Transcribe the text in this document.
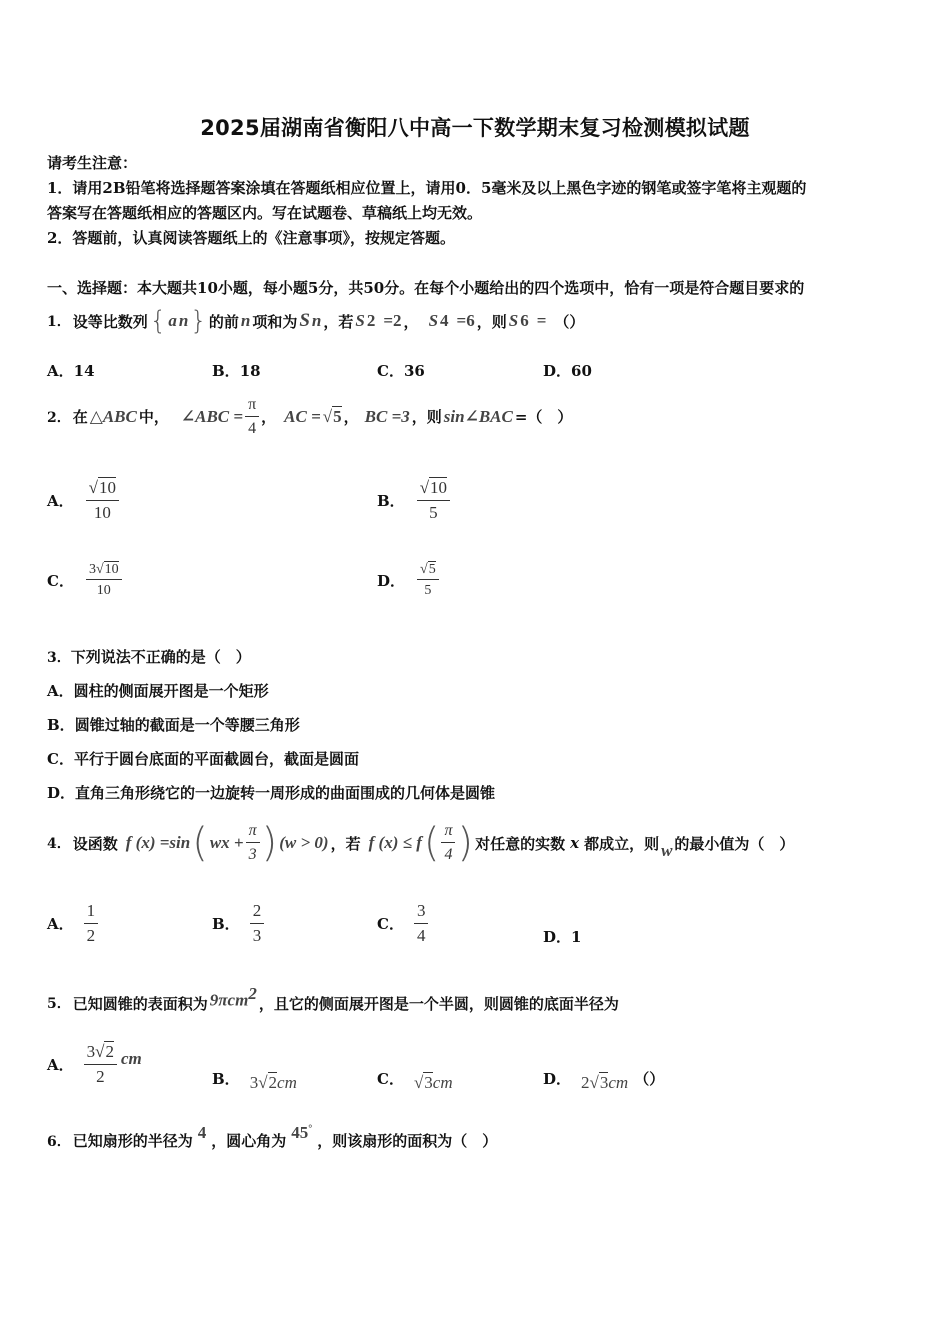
2025届湖南省衡阳八中高一下数学期末复习检测模拟试题
请考生注意：
1．请用2B铅笔将选择题答案涂填在答题纸相应位置上，请用0．5毫米及以上黑色字迹的钢笔或签字笔将主观题的
答案写在答题纸相应的答题区内。写在试题卷、草稿纸上均无效。
2．答题前，认真阅读答题纸上的《注意事项》，按规定答题。
一、选择题：本大题共10小题，每小题5分，共50分。在每个小题给出的四个选项中，恰有一项是符合题目要求的
1． 设等比数列 { a n } 的前 n 项和为 S n ，若 S 2 =2 ， S 4 =6 ，则 S 6 = （）
A．14	B．18	C．36	D．60
2． 在 △ABC 中， ∠ABC = $\frac{\pi}{4}$ ， AC = √5 ， BC =3 ，则 sin∠BAC =（　）
A． $\frac{√10}{10}$	B． $\frac{√10}{5}$
C． $\frac{3√10}{10}$	D． $\frac{√5}{5}$
3．下列说法不正确的是（　）
A．圆柱的侧面展开图是一个矩形
B．圆锥过轴的截面是一个等腰三角形
C．平行于圆台底面的平面截圆台，截面是圆面
D．直角三角形绕它的一边旋转一周形成的曲面围成的几何体是圆锥
4． 设函数 f (x) =sin ( wx + $\frac{\pi}{3}$ ) (w > 0) ，若 f (x) ≤ f ( $\frac{\pi}{4}$ ) 对任意的实数 x 都成立，则 w 的最小值为（　）
A． $\frac{1}{2}$	B． $\frac{2}{3}$	C． $\frac{3}{4}$	D．1
5． 已知圆锥的表面积为 9πcm$^2$
，且它的侧面展开图是一个半圆，则圆锥的底面半径为
A． $\frac{3√2}{2}$ cm
B． 3√2cm	C． √3cm	D． 2√3cm （）
6． 已知扇形的半径为 4 ，圆心角为 45°
，则该扇形的面积为（　）
